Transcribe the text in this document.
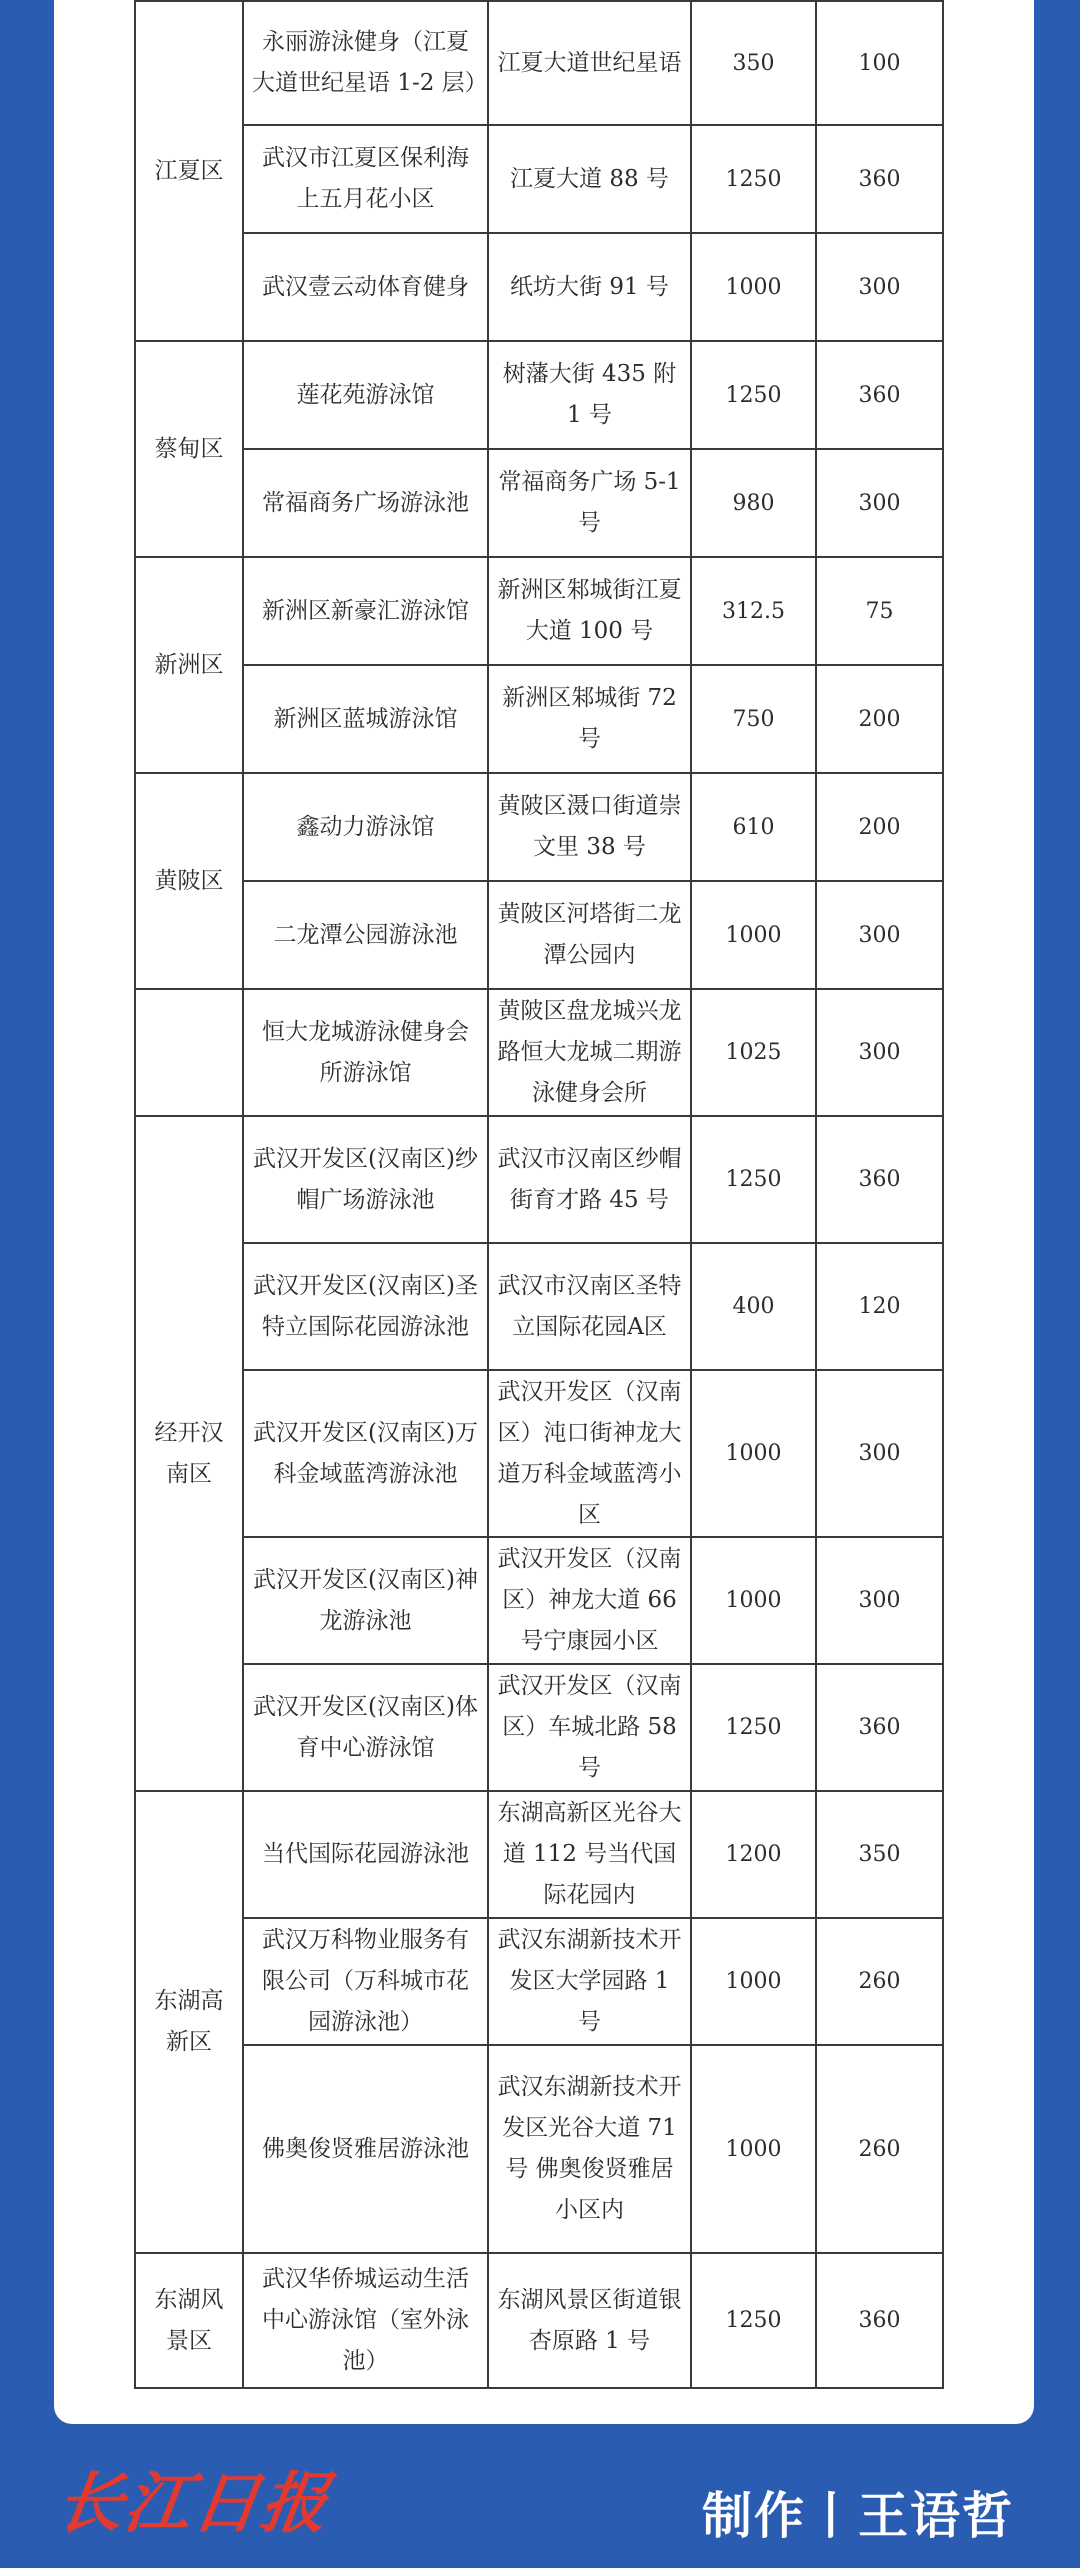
江夏区	永丽游泳健身（江夏大道世纪星语 1-2 层）	江夏大道世纪星语	350	100
	武汉市江夏区保利海上五月花小区	江夏大道 88 号	1250	360
	武汉壹云动体育健身	纸坊大街 91 号	1000	300
蔡甸区	莲花苑游泳馆	树藩大街 435 附 1 号	1250	360
	常福商务广场游泳池	常福商务广场 5-1号	980	300
新洲区	新洲区新豪汇游泳馆	新洲区邾城街江夏大道 100 号	312.5	75
	新洲区蓝城游泳馆	新洲区邾城街 72 号	750	200
黄陂区	鑫动力游泳馆	黄陂区滠口街道崇文里 38 号	610	200
	二龙潭公园游泳池	黄陂区河塔街二龙潭公园内	1000	300
	恒大龙城游泳健身会所游泳馆	黄陂区盘龙城兴龙路恒大龙城二期游泳健身会所	1025	300
经开汉南区	武汉开发区(汉南区)纱帽广场游泳池	武汉市汉南区纱帽街育才路 45 号	1250	360
	武汉开发区(汉南区)圣特立国际花园游泳池	武汉市汉南区圣特立国际花园A区	400	120
	武汉开发区(汉南区)万科金域蓝湾游泳池	武汉开发区（汉南区）沌口街神龙大道万科金域蓝湾小区	1000	300
	武汉开发区(汉南区)神龙游泳池	武汉开发区（汉南区）神龙大道 66 号宁康园小区	1000	300
	武汉开发区(汉南区)体育中心游泳馆	武汉开发区（汉南区）车城北路 58 号	1250	360
东湖高新区	当代国际花园游泳池	东湖高新区光谷大道 112 号当代国际花园内	1200	350
	武汉万科物业服务有限公司（万科城市花园游泳池）	武汉东湖新技术开发区大学园路 1 号	1000	260
	佛奥俊贤雅居游泳池	武汉东湖新技术开发区光谷大道 71 号 佛奥俊贤雅居小区内	1000	260
东湖风景区	武汉华侨城运动生活中心游泳馆（室外泳池）	东湖风景区街道银杏原路 1 号	1250	360
长江日报	制作丨王语哲
